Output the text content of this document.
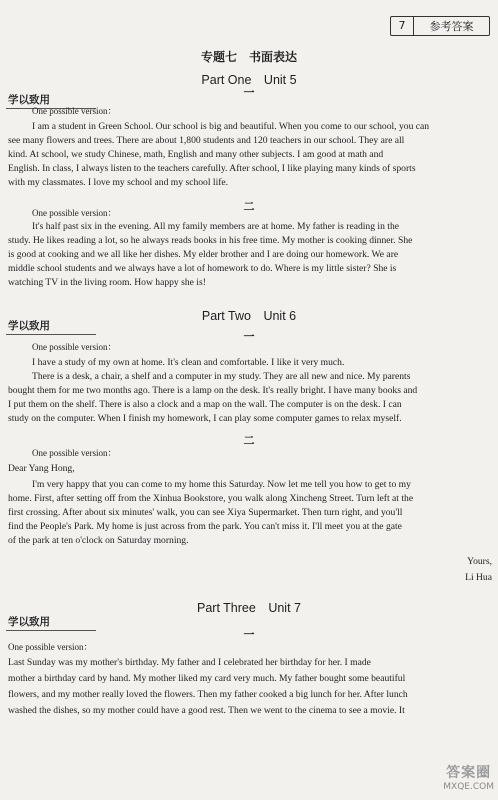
7	参考答案
专题七　书面表达
Part One　Unit 5
一
学以致用
One possible version：
I am a student in Green School. Our school is big and beautiful. When you come to our school, you can
see many flowers and trees. There are about 1,800 students and 120 teachers in our school. They are all
kind. At school, we study Chinese, math, English and many other subjects. I am good at math and
English. In class, I always listen to the teachers carefully. After school, I like playing many kinds of sports
with my classmates. I love my school and my school life.
二
One possible version：
It's half past six in the evening. All my family members are at home. My father is reading in the
study. He likes reading a lot, so he always reads books in his free time. My mother is cooking dinner. She
is good at cooking and we all like her dishes. My elder brother and I are doing our homework. We are
middle school students and we always have a lot of homework to do. Where is my little sister? She is
watching TV in the living room. How happy she is!
学以致用
Part Two　Unit 6
一
One possible version：
I have a study of my own at home. It's clean and comfortable. I like it very much.
There is a desk, a chair, a shelf and a computer in my study. They are all new and nice. My parents
bought them for me two months ago. There is a lamp on the desk. It's really bright. I have many books and
I put them on the shelf. There is also a clock and a map on the wall. The computer is on the desk. I can
study on the computer. When I finish my homework, I can play some computer games to relax myself.
二
One possible version：
Dear Yang Hong,
I'm very happy that you can come to my home this Saturday. Now let me tell you how to get to my
home. First, after setting off from the Xinhua Bookstore, you walk along Xincheng Street. Turn left at the
first crossing. After about six minutes' walk, you can see Xiya Supermarket. Then turn right, and you'll
find the People's Park. My home is just across from the park. You can't miss it. I'll meet you at the gate
of the park at ten o'clock on Saturday morning.
Yours,
Li Hua
Part Three　Unit 7
学以致用
一
One possible version：
Last Sunday was my mother's birthday. My father and I celebrated her birthday for her. I made
mother a birthday card by hand. My mother liked my card very much. My father bought some beautiful
flowers, and my mother really loved the flowers. Then my father cooked a big lunch for her. After lunch
washed the dishes, so my mother could have a good rest. Then we went to the cinema to see a movie. It
答案圈
MXQE.COM
